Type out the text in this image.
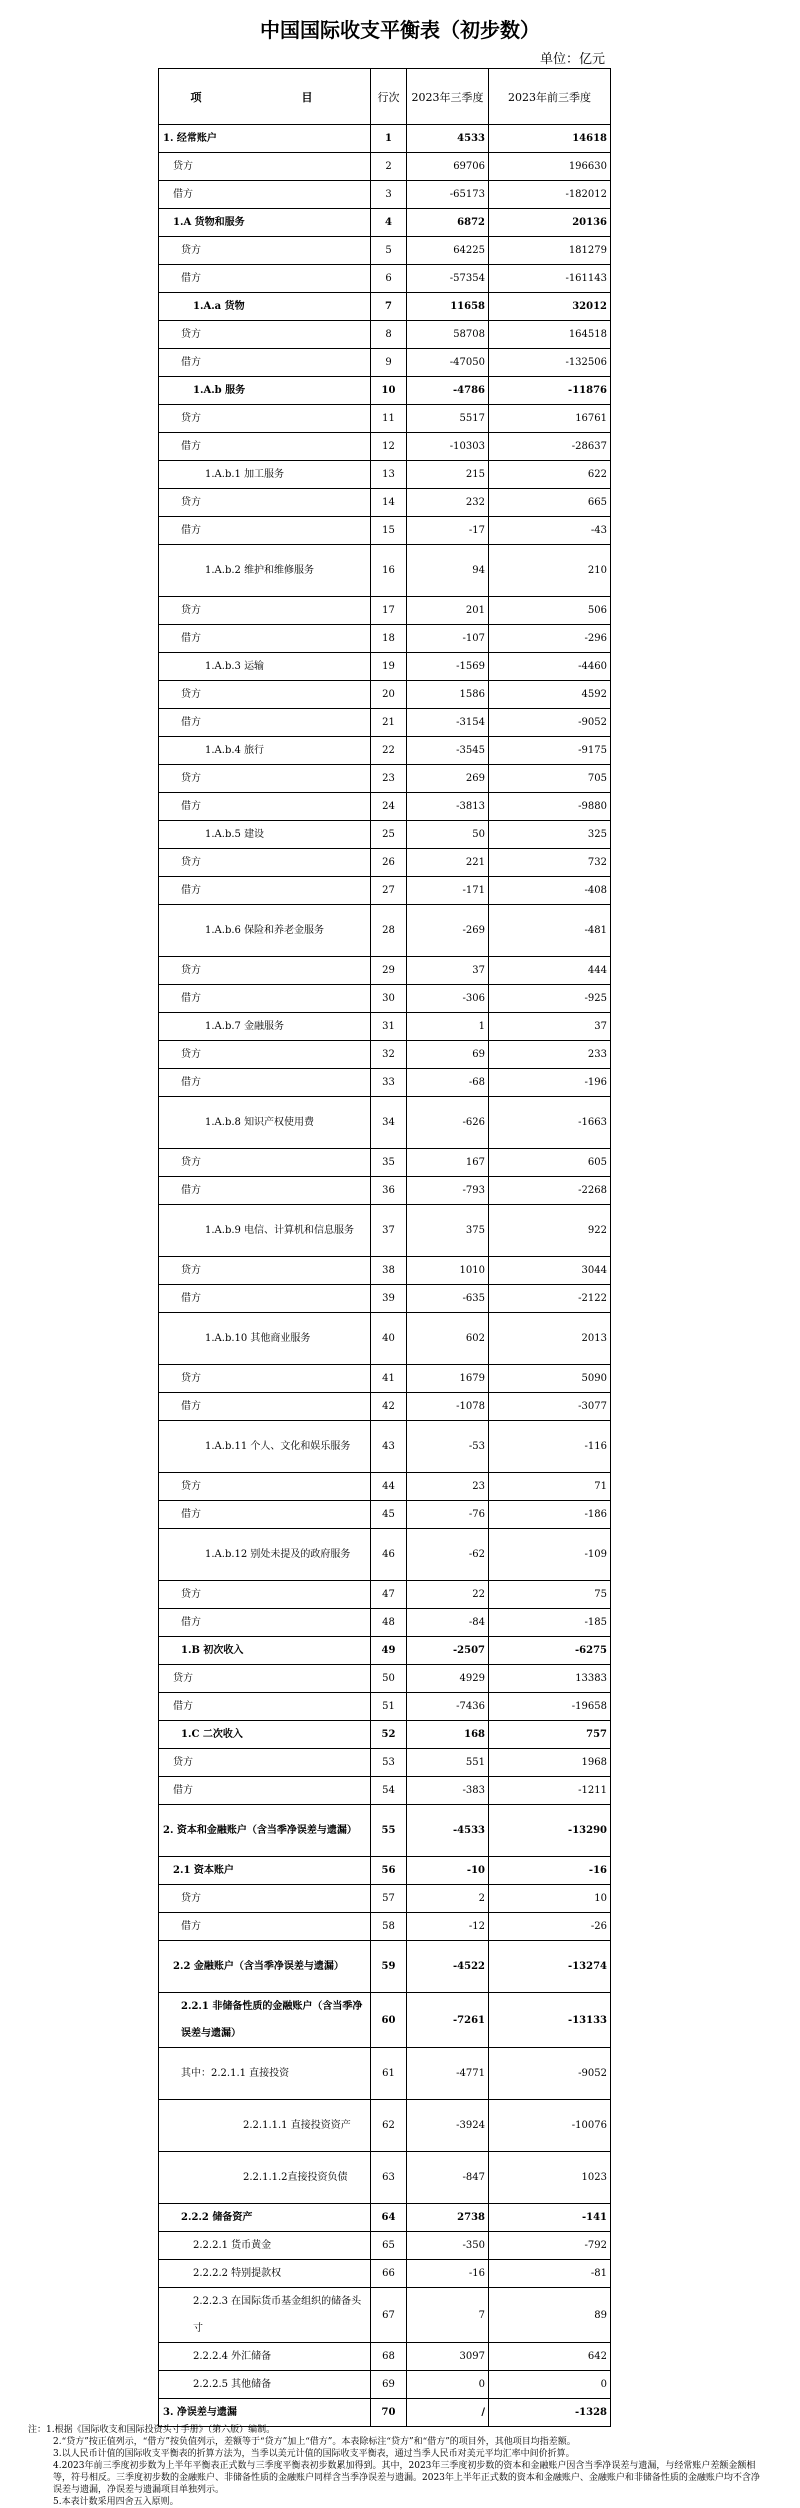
中国国际收支平衡表（初步数）
单位：亿元
项　　目	行次	2023年三季度	2023年前三季度
1. 经常账户	1	4533	14618
贷方	2	69706	196630
借方	3	-65173	-182012
1.A 货物和服务	4	6872	20136
贷方	5	64225	181279
借方	6	-57354	-161143
1.A.a 货物	7	11658	32012
贷方	8	58708	164518
借方	9	-47050	-132506
1.A.b 服务	10	-4786	-11876
贷方	11	5517	16761
借方	12	-10303	-28637
1.A.b.1 加工服务	13	215	622
贷方	14	232	665
借方	15	-17	-43
1.A.b.2 维护和维修服务	16	94	210
贷方	17	201	506
借方	18	-107	-296
1.A.b.3 运输	19	-1569	-4460
贷方	20	1586	4592
借方	21	-3154	-9052
1.A.b.4 旅行	22	-3545	-9175
贷方	23	269	705
借方	24	-3813	-9880
1.A.b.5 建设	25	50	325
贷方	26	221	732
借方	27	-171	-408
1.A.b.6 保险和养老金服务	28	-269	-481
贷方	29	37	444
借方	30	-306	-925
1.A.b.7 金融服务	31	1	37
贷方	32	69	233
借方	33	-68	-196
1.A.b.8 知识产权使用费	34	-626	-1663
贷方	35	167	605
借方	36	-793	-2268
1.A.b.9 电信、计算机和信息服务	37	375	922
贷方	38	1010	3044
借方	39	-635	-2122
1.A.b.10 其他商业服务	40	602	2013
贷方	41	1679	5090
借方	42	-1078	-3077
1.A.b.11 个人、文化和娱乐服务	43	-53	-116
贷方	44	23	71
借方	45	-76	-186
1.A.b.12 别处未提及的政府服务	46	-62	-109
贷方	47	22	75
借方	48	-84	-185
1.B 初次收入	49	-2507	-6275
贷方	50	4929	13383
借方	51	-7436	-19658
1.C 二次收入	52	168	757
贷方	53	551	1968
借方	54	-383	-1211
2. 资本和金融账户（含当季净误差与遗漏）	55	-4533	-13290
2.1 资本账户	56	-10	-16
贷方	57	2	10
借方	58	-12	-26
2.2 金融账户（含当季净误差与遗漏）	59	-4522	-13274
2.2.1 非储备性质的金融账户（含当季净误差与遗漏）	60	-7261	-13133
其中：2.2.1.1 直接投资	61	-4771	-9052
2.2.1.1.1 直接投资资产	62	-3924	-10076
2.2.1.1.2直接投资负债	63	-847	1023
2.2.2 储备资产	64	2738	-141
2.2.2.1 货币黄金	65	-350	-792
2.2.2.2 特别提款权	66	-16	-81
2.2.2.3 在国际货币基金组织的储备头寸	67	7	89
2.2.2.4 外汇储备	68	3097	642
2.2.2.5 其他储备	69	0	0
3. 净误差与遗漏	70	/	-1328
注：1.根据《国际收支和国际投资头寸手册》（第六版）编制。
2.“贷方”按正值列示，“借方”按负值列示，差额等于“贷方”加上“借方”。本表除标注“贷方”和“借方”的项目外，其他项目均指差额。
3.以人民币计值的国际收支平衡表的折算方法为，当季以美元计值的国际收支平衡表，通过当季人民币对美元平均汇率中间价折算。
4.2023年前三季度初步数为上半年平衡表正式数与三季度平衡表初步数累加得到。其中，2023年三季度初步数的资本和金融账户因含当季净误差与遗漏，与经常账户差额金额相等，符号相反。三季度初步数的金融账户、非储备性质的金融账户同样含当季净误差与遗漏。2023年上半年正式数的资本和金融账户、金融账户和非储备性质的金融账户均不含净误差与遗漏，净误差与遗漏项目单独列示。
5.本表计数采用四舍五入原则。
